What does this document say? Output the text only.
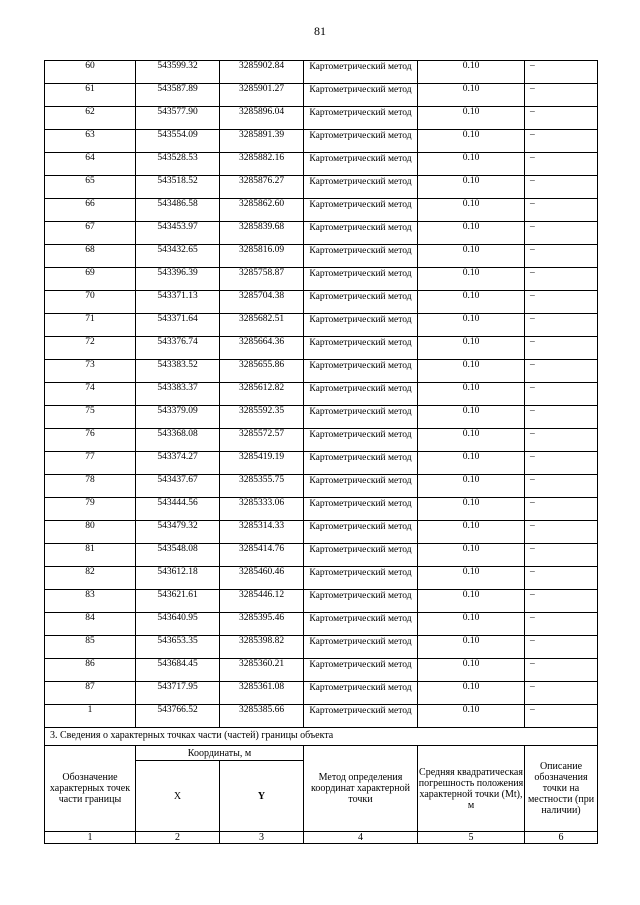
81
60	543599.32	3285902.84	Картометрический метод	0.10	–
61	543587.89	3285901.27	Картометрический метод	0.10	–
62	543577.90	3285896.04	Картометрический метод	0.10	–
63	543554.09	3285891.39	Картометрический метод	0.10	–
64	543528.53	3285882.16	Картометрический метод	0.10	–
65	543518.52	3285876.27	Картометрический метод	0.10	–
66	543486.58	3285862.60	Картометрический метод	0.10	–
67	543453.97	3285839.68	Картометрический метод	0.10	–
68	543432.65	3285816.09	Картометрический метод	0.10	–
69	543396.39	3285758.87	Картометрический метод	0.10	–
70	543371.13	3285704.38	Картометрический метод	0.10	–
71	543371.64	3285682.51	Картометрический метод	0.10	–
72	543376.74	3285664.36	Картометрический метод	0.10	–
73	543383.52	3285655.86	Картометрический метод	0.10	–
74	543383.37	3285612.82	Картометрический метод	0.10	–
75	543379.09	3285592.35	Картометрический метод	0.10	–
76	543368.08	3285572.57	Картометрический метод	0.10	–
77	543374.27	3285419.19	Картометрический метод	0.10	–
78	543437.67	3285355.75	Картометрический метод	0.10	–
79	543444.56	3285333.06	Картометрический метод	0.10	–
80	543479.32	3285314.33	Картометрический метод	0.10	–
81	543548.08	3285414.76	Картометрический метод	0.10	–
82	543612.18	3285460.46	Картометрический метод	0.10	–
83	543621.61	3285446.12	Картометрический метод	0.10	–
84	543640.95	3285395.46	Картометрический метод	0.10	–
85	543653.35	3285398.82	Картометрический метод	0.10	–
86	543684.45	3285360.21	Картометрический метод	0.10	–
87	543717.95	3285361.08	Картометрический метод	0.10	–
1	543766.52	3285385.66	Картометрический метод	0.10	–
3. Сведения о характерных точках части (частей) границы объекта					
Обозначение характерных точек части границы	Координаты, м		Метод определения координат характерной точки	Средняя квадратическая погрешность положения характерной точки (Mt), м	Описание обозначения точки на местности (при наличии)
	X	Y			
1	2	3	4	5	6
